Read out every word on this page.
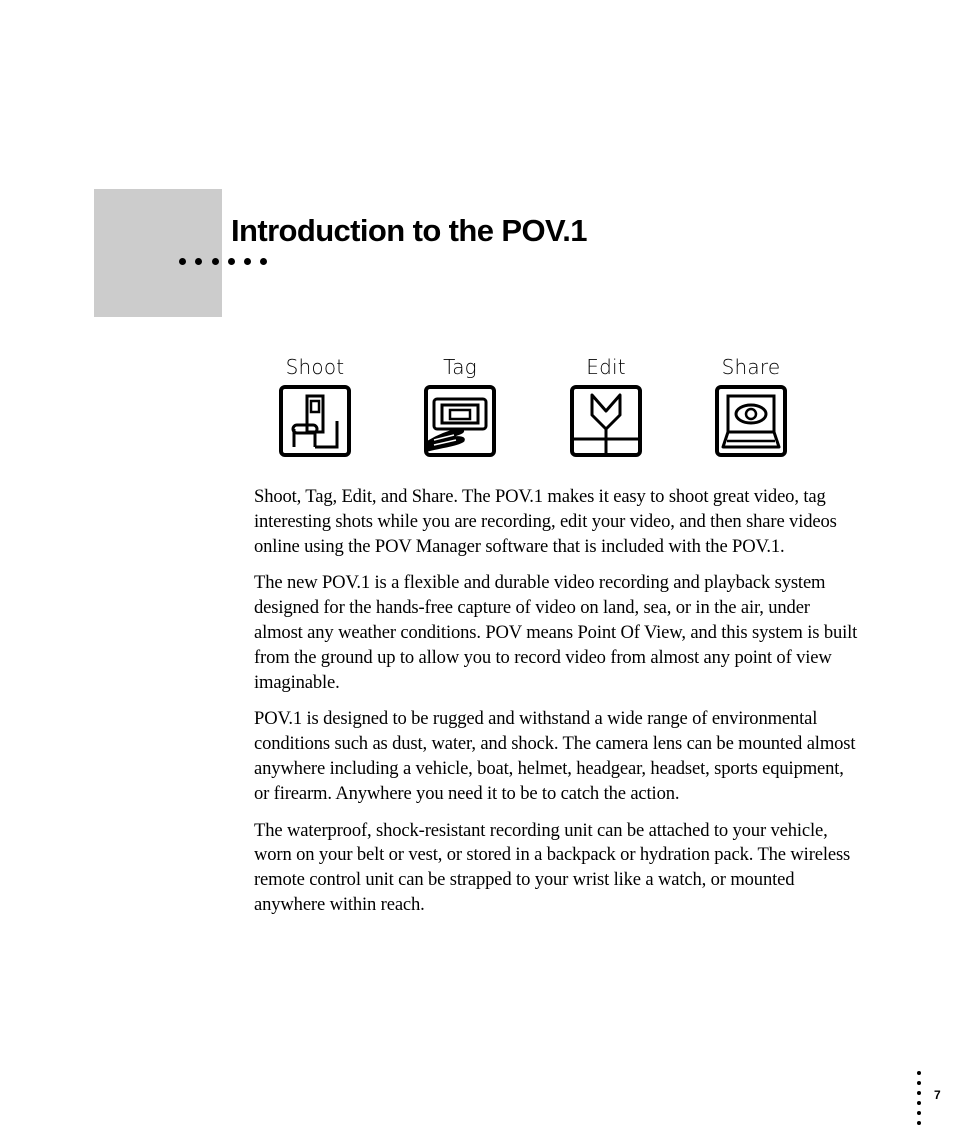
Introduction to the POV.1
Shoot	Tag	Edit	Share

Shoot, Tag, Edit, and Share. The POV.1 makes it easy to shoot great video, tag interesting shots while you are recording, edit your video, and then share videos online using the POV Manager software that is included with the POV.1.

The new POV.1 is a flexible and durable video recording and playback system designed for the hands-free capture of video on land, sea, or in the air, under almost any weather conditions. POV means Point Of View, and this system is built from the ground up to allow you to record video from almost any point of view imaginable.

POV.1 is designed to be rugged and withstand a wide range of environmental conditions such as dust, water, and shock. The camera lens can be mounted almost anywhere including a vehicle, boat, helmet, headgear, headset, sports equipment, or firearm. Anywhere you need it to be to catch the action.

The waterproof, shock-resistant recording unit can be attached to your vehicle, worn on your belt or vest, or stored in a backpack or hydration pack. The wireless remote control unit can be strapped to your wrist like a watch, or mounted anywhere within reach.

7
